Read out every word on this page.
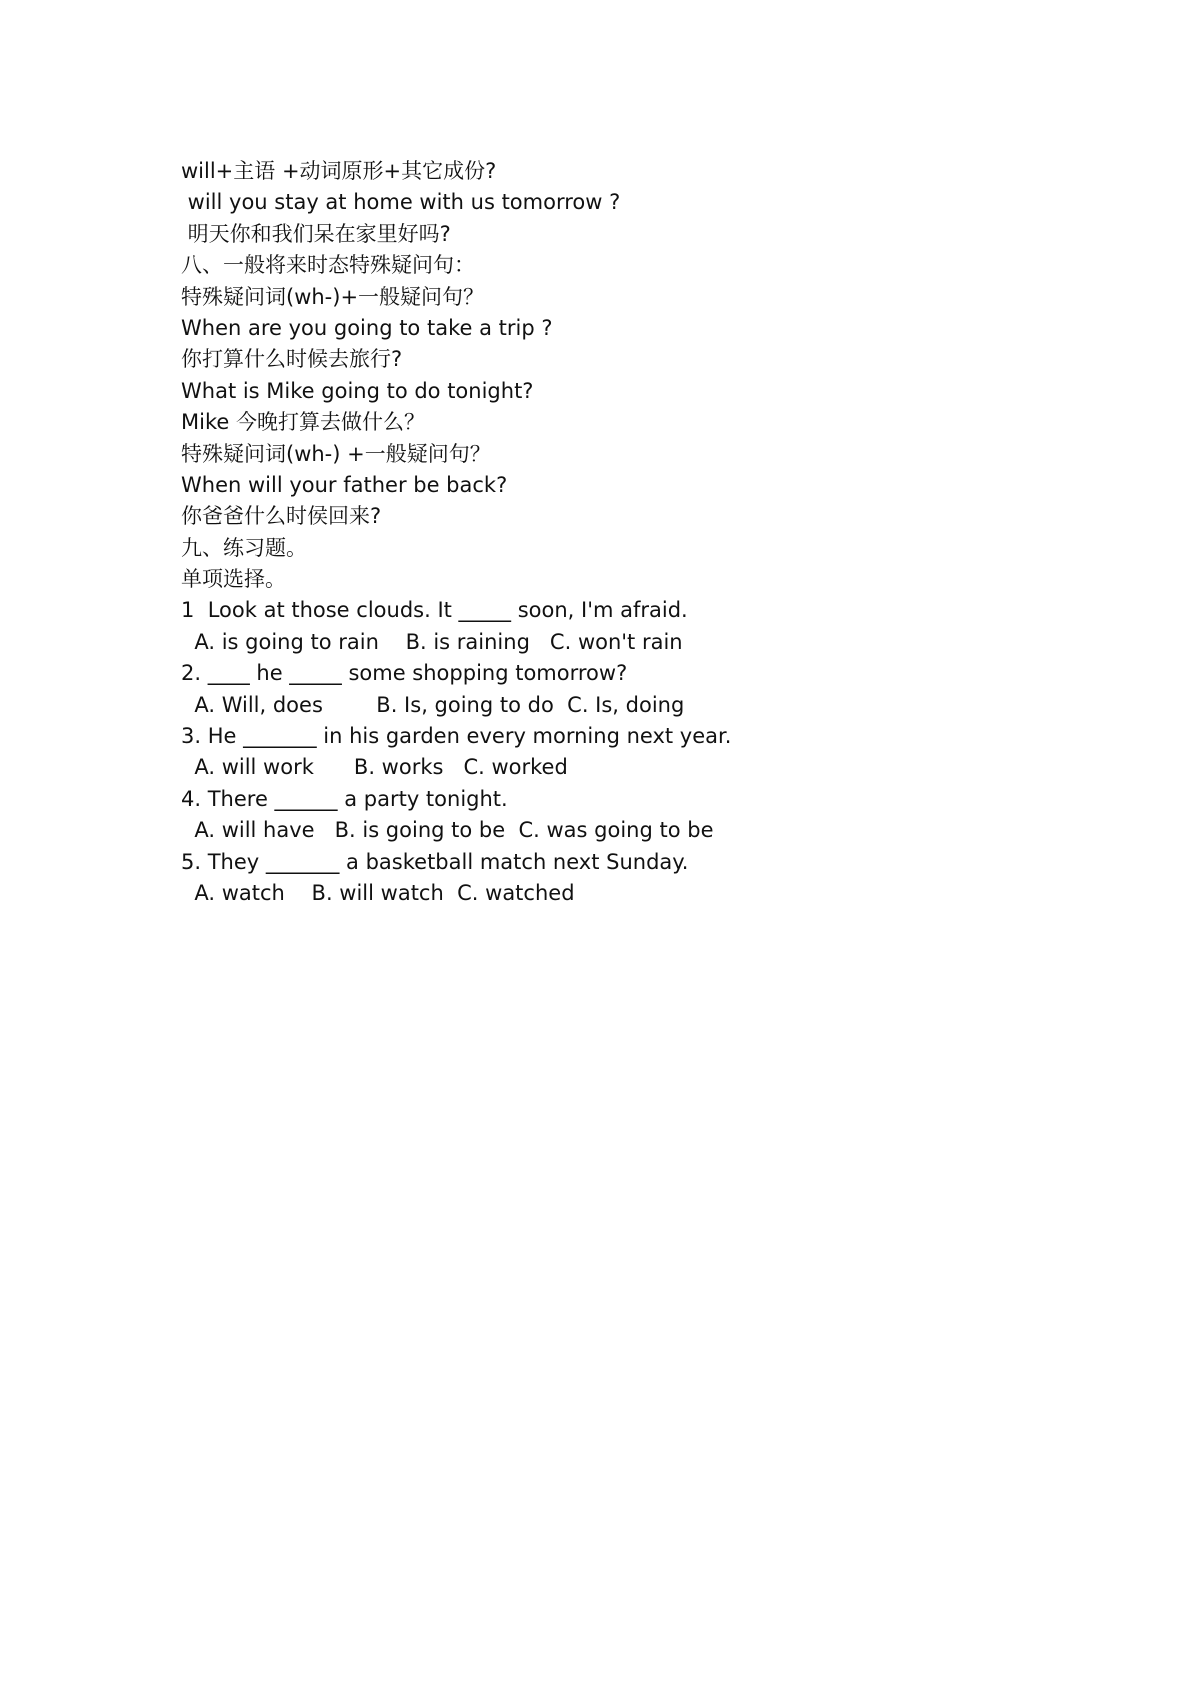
will+主语 +动词原形+其它成份?
will you stay at home with us tomorrow ?
明天你和我们呆在家里好吗?
八、一般将来时态特殊疑问句：
特殊疑问词(wh-)+一般疑问句？
When are you going to take a trip ?
你打算什么时候去旅行?
What is Mike going to do tonight?
Mike 今晚打算去做什么？
特殊疑问词(wh-) +一般疑问句？
When will your father be back?
你爸爸什么时侯回来?
九、练习题。
单项选择。
1  Look at those clouds. It _____ soon, I'm afraid.
A. is going to rain    B. is raining   C. won't rain
2. ____ he _____ some shopping tomorrow?
A. Will, does        B. Is, going to do  C. Is, doing
3. He _______ in his garden every morning next year.
A. will work      B. works   C. worked
4. There ______ a party tonight.
A. will have   B. is going to be  C. was going to be
5. They _______ a basketball match next Sunday.
A. watch    B. will watch  C. watched
